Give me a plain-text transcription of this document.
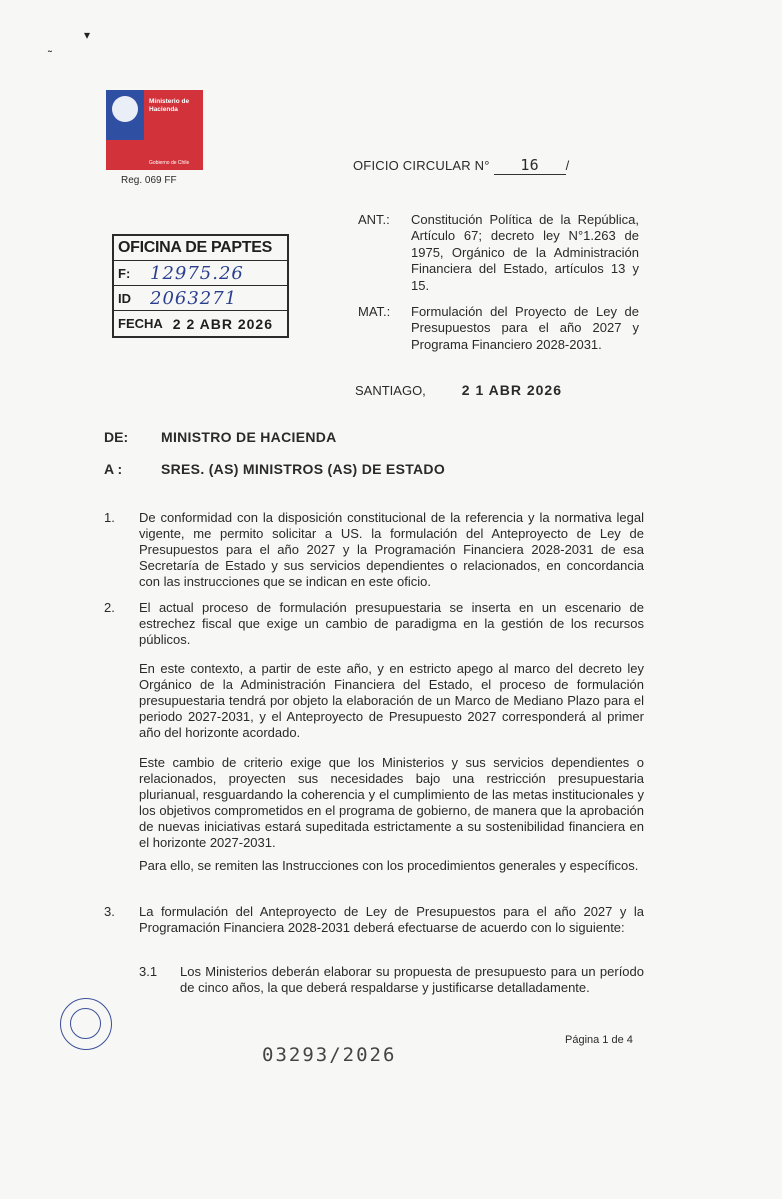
Ministerio de
Hacienda
Gobierno de Chile
Reg. 069 FF
▾
˜
OFICIO CIRCULAR N° 16 /
ANT.: Constitución Política de la República, Artículo 67; decreto ley N°1.263 de 1975, Orgánico de la Administración Financiera del Estado, artículos 13 y 15.
OFICINA DE PAPTES
F:	12975.26
ID	2063271
FECHA 2 2 ABR 2026
MAT.: Formulación del Proyecto de Ley de Presupuestos para el año 2027 y Programa Financiero 2028-2031.
SANTIAGO,	2 1 ABR 2026
DE: MINISTRO DE HACIENDA
A :	SRES. (AS) MINISTROS (AS) DE ESTADO
1. De conformidad con la disposición constitucional de la referencia y la normativa legal vigente, me permito solicitar a US. la formulación del Anteproyecto de Ley de Presupuestos para el año 2027 y la Programación Financiera 2028-2031 de esa Secretaría de Estado y sus servicios dependientes o relacionados, en concordancia con las instrucciones que se indican en este oficio.
2. El actual proceso de formulación presupuestaria se inserta en un escenario de estrechez fiscal que exige un cambio de paradigma en la gestión de los recursos públicos.
En este contexto, a partir de este año, y en estricto apego al marco del decreto ley Orgánico de la Administración Financiera del Estado, el proceso de formulación presupuestaria tendrá por objeto la elaboración de un Marco de Mediano Plazo para el periodo 2027-2031, y el Anteproyecto de Presupuesto 2027 corresponderá al primer año del horizonte acordado.
Este cambio de criterio exige que los Ministerios y sus servicios dependientes o relacionados, proyecten sus necesidades bajo una restricción presupuestaria plurianual, resguardando la coherencia y el cumplimiento de las metas institucionales y los objetivos comprometidos en el programa de gobierno, de manera que la aprobación de nuevas iniciativas estará supeditada estrictamente a su sostenibilidad financiera en el horizonte 2027-2031.
Para ello, se remiten las Instrucciones con los procedimientos generales y específicos.
3. La formulación del Anteproyecto de Ley de Presupuestos para el año 2027 y la Programación Financiera 2028-2031 deberá efectuarse de acuerdo con lo siguiente:
3.1 Los Ministerios deberán elaborar su propuesta de presupuesto para un período de cinco años, la que deberá respaldarse y justificarse detalladamente.
Página 1 de 4
03293/2026
